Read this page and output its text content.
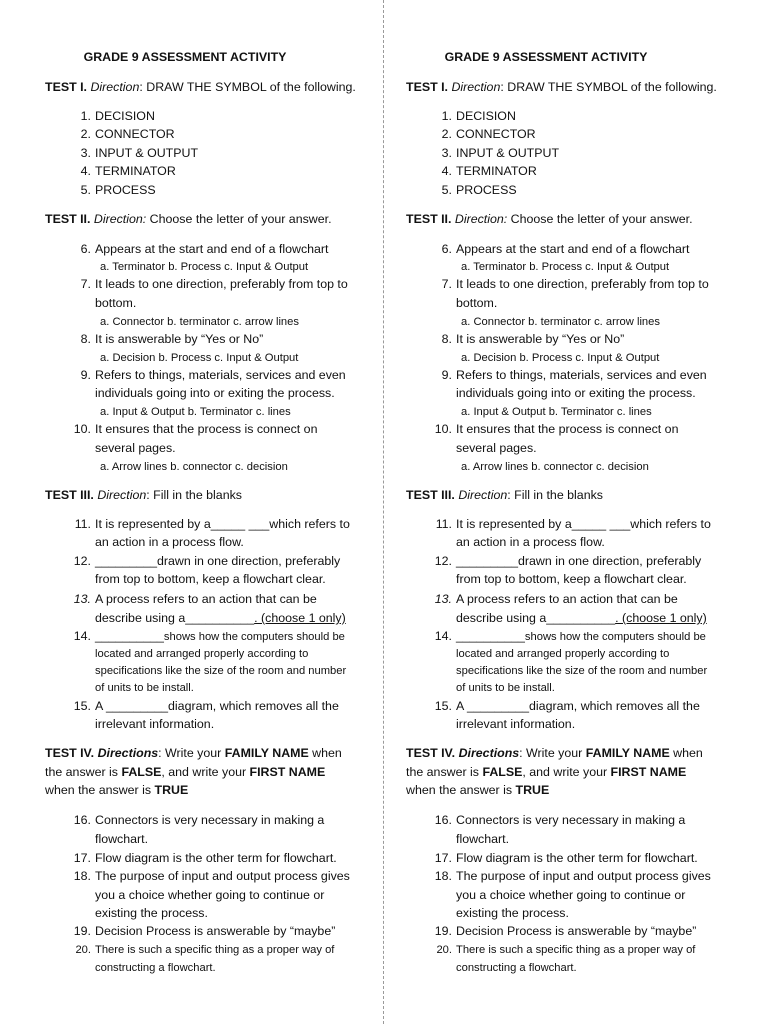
GRADE 9 ASSESSMENT ACTIVITY
TEST I. Direction: DRAW THE SYMBOL of the following.
1. DECISION
2. CONNECTOR
3. INPUT & OUTPUT
4. TERMINATOR
5. PROCESS
TEST II. Direction: Choose the letter of your answer.
6. Appears at the start and end of a flowchart
a. Terminator b. Process c. Input & Output
7. It leads to one direction, preferably from top to
bottom.
a. Connector b. terminator c. arrow lines
8. It is answerable by “Yes or No”
a. Decision b. Process c. Input & Output
9. Refers to things, materials, services and even
individuals going into or exiting the process.
a. Input & Output b. Terminator c. lines
10. It ensures that the process is connect on
several pages.
a. Arrow lines b. connector c. decision
TEST III. Direction: Fill in the blanks
11. It is represented by a_____ ___which refers to
an action in a process flow.
12. _________drawn in one direction, preferably
from top to bottom, keep a flowchart clear.
13. A process refers to an action that can be
describe using a__________. (choose 1 only)
14. __________shows how the computers should be
located and arranged properly according to
specifications like the size of the room and number
of units to be install.
15. A _________diagram, which removes all the
irrelevant information.
TEST IV. Directions: Write your FAMILY NAME when
the answer is FALSE, and write your FIRST NAME
when the answer is TRUE
16. Connectors is very necessary in making a
flowchart.
17. Flow diagram is the other term for flowchart.
18. The purpose of input and output process gives
you a choice whether going to continue or
existing the process.
19. Decision Process is answerable by “maybe”
20. There is such a specific thing as a proper way of
constructing a flowchart.
GRADE 9 ASSESSMENT ACTIVITY
TEST I. Direction: DRAW THE SYMBOL of the following.
1. DECISION
2. CONNECTOR
3. INPUT & OUTPUT
4. TERMINATOR
5. PROCESS
TEST II. Direction: Choose the letter of your answer.
6. Appears at the start and end of a flowchart
a. Terminator b. Process c. Input & Output
7. It leads to one direction, preferably from top to
bottom.
a. Connector b. terminator c. arrow lines
8. It is answerable by “Yes or No”
a. Decision b. Process c. Input & Output
9. Refers to things, materials, services and even
individuals going into or exiting the process.
a. Input & Output b. Terminator c. lines
10. It ensures that the process is connect on
several pages.
a. Arrow lines b. connector c. decision
TEST III. Direction: Fill in the blanks
11. It is represented by a_____ ___which refers to
an action in a process flow.
12. _________drawn in one direction, preferably
from top to bottom, keep a flowchart clear.
13. A process refers to an action that can be
describe using a__________. (choose 1 only)
14. __________shows how the computers should be
located and arranged properly according to
specifications like the size of the room and number
of units to be install.
15. A _________diagram, which removes all the
irrelevant information.
TEST IV. Directions: Write your FAMILY NAME when
the answer is FALSE, and write your FIRST NAME
when the answer is TRUE
16. Connectors is very necessary in making a
flowchart.
17. Flow diagram is the other term for flowchart.
18. The purpose of input and output process gives
you a choice whether going to continue or
existing the process.
19. Decision Process is answerable by “maybe”
20. There is such a specific thing as a proper way of
constructing a flowchart.
